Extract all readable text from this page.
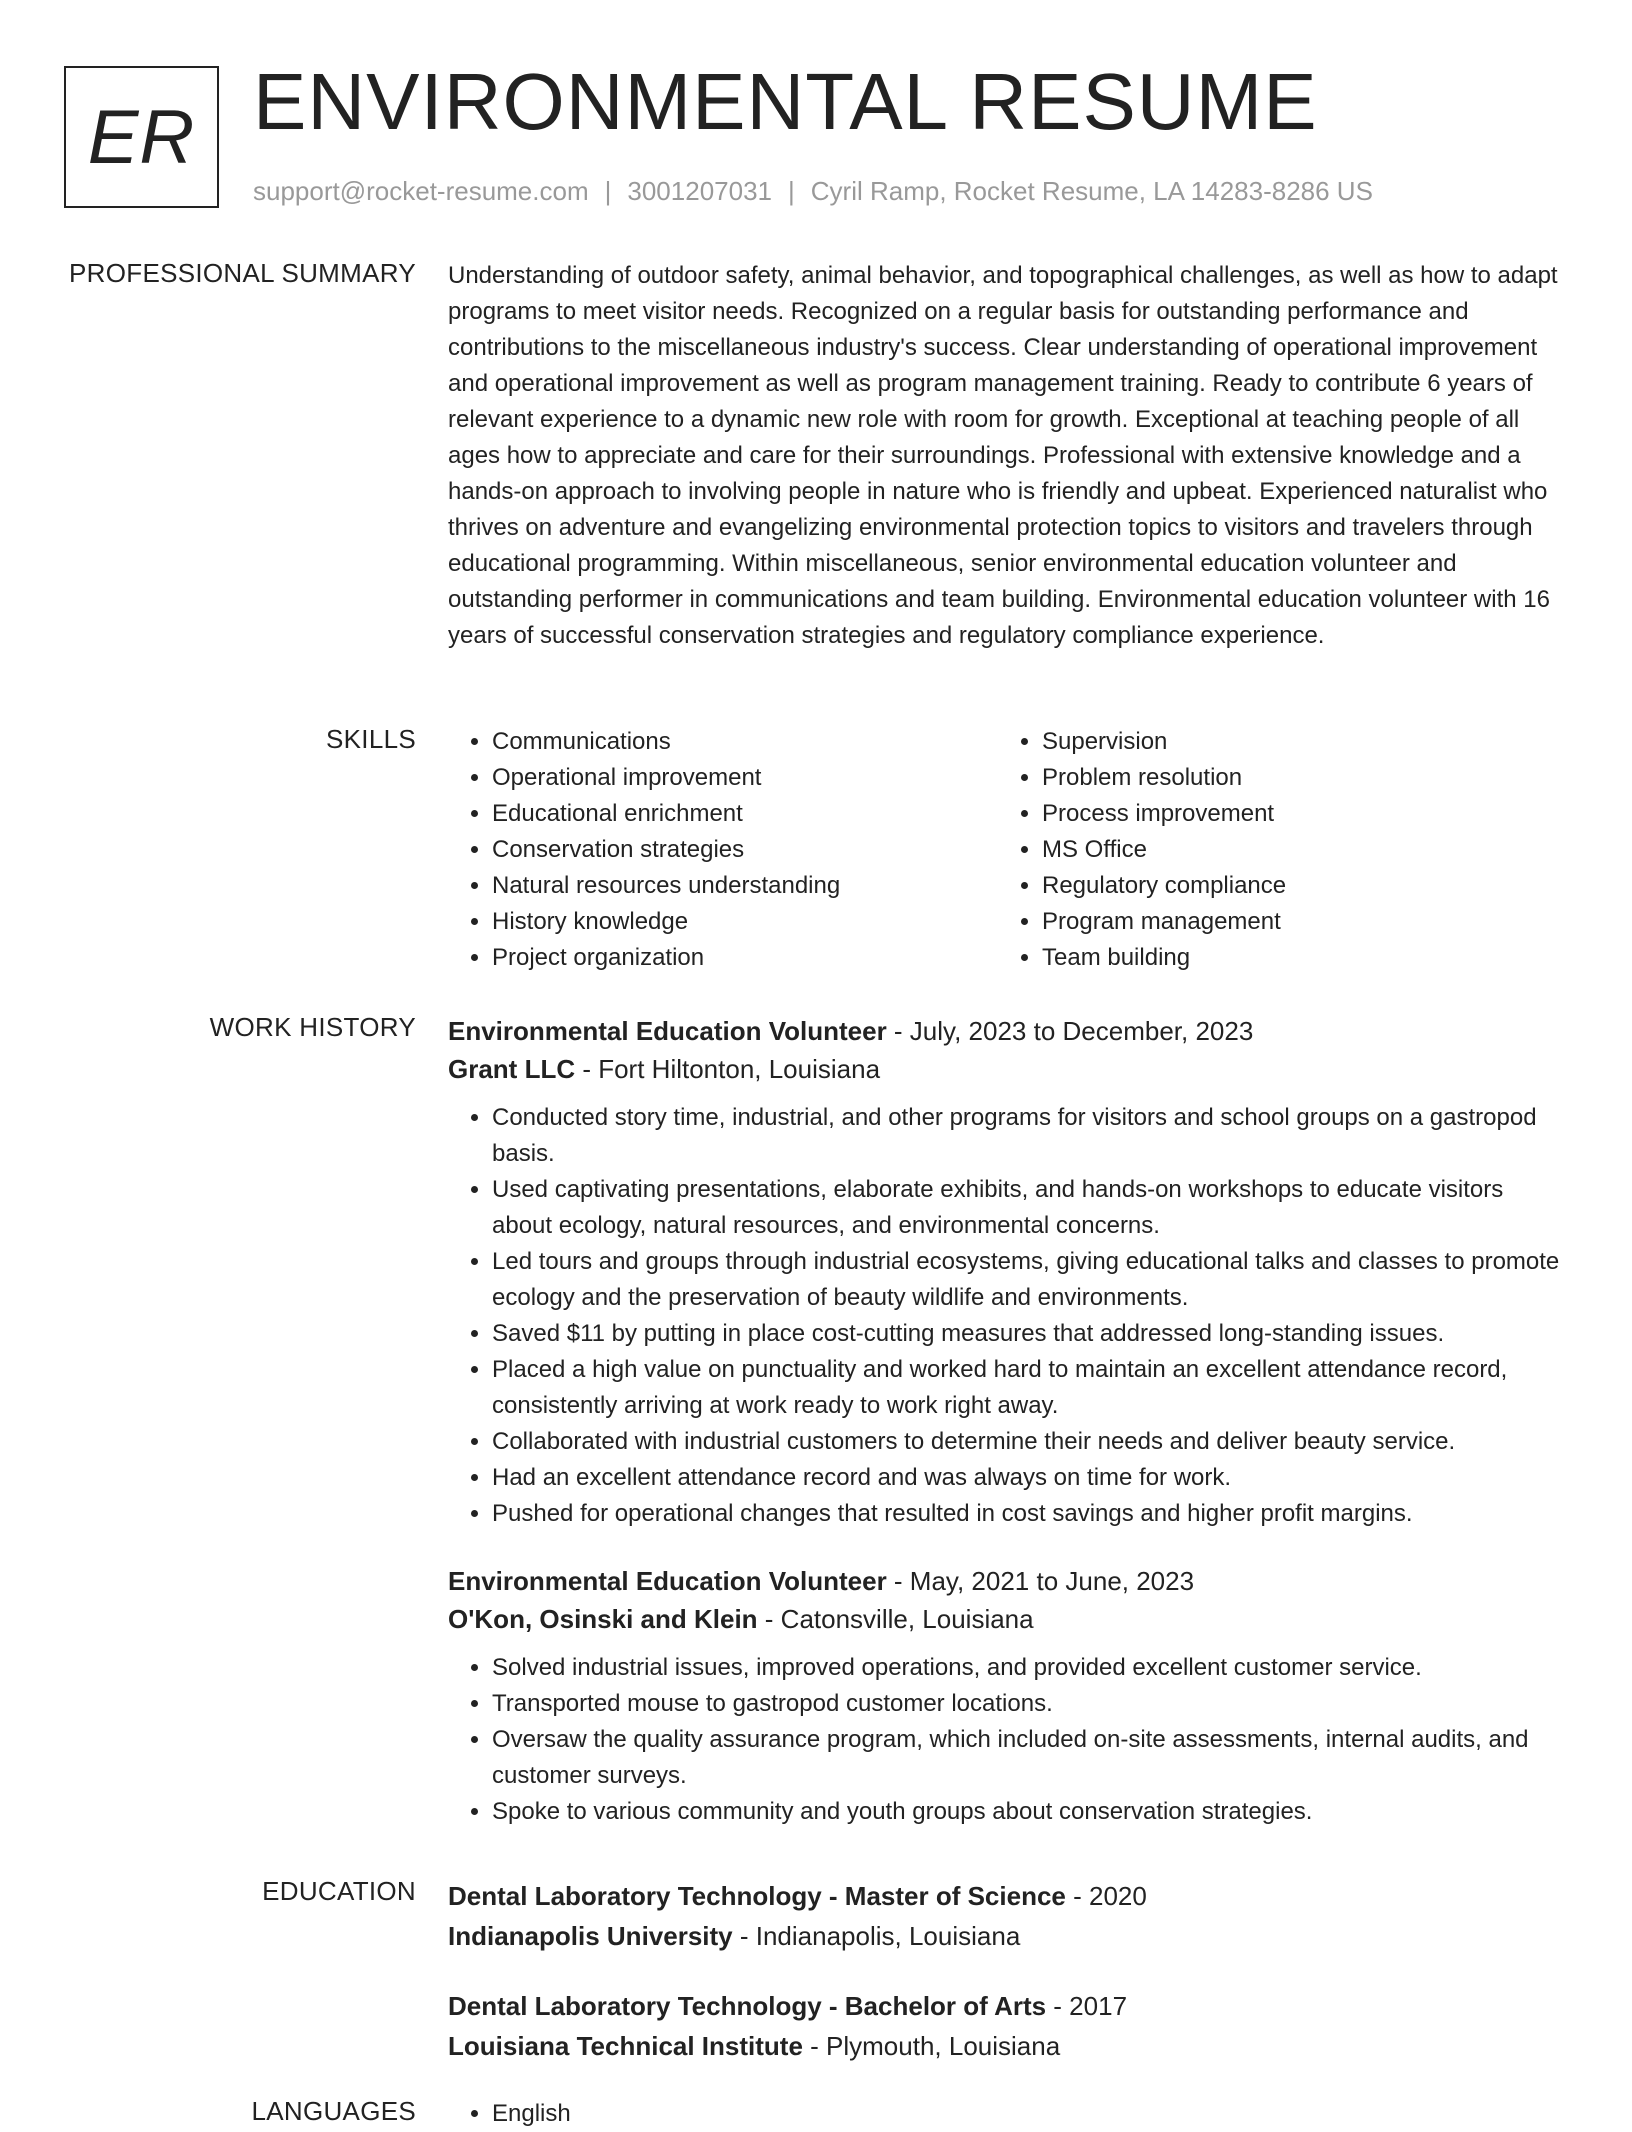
ER ENVIRONMENTAL RESUME
support@rocket-resume.com | 3001207031 | Cyril Ramp, Rocket Resume, LA 14283-8286 US
PROFESSIONAL SUMMARY Understanding of outdoor safety, animal behavior, and topographical challenges, as well as how to adapt programs to meet visitor needs. Recognized on a regular basis for outstanding performance and contributions to the miscellaneous industry's success. Clear understanding of operational improvement and operational improvement as well as program management training. Ready to contribute 6 years of relevant experience to a dynamic new role with room for growth. Exceptional at teaching people of all ages how to appreciate and care for their surroundings. Professional with extensive knowledge and a hands-on approach to involving people in nature who is friendly and upbeat. Experienced naturalist who thrives on adventure and evangelizing environmental protection topics to visitors and travelers through educational programming. Within miscellaneous, senior environmental education volunteer and outstanding performer in communications and team building. Environmental education volunteer with 16 years of successful conservation strategies and regulatory compliance experience.

SKILLS	• Communications
• Operational improvement
• Educational enrichment
• Conservation strategies
• Natural resources understanding
• History knowledge
• Project organization
• Supervision
• Problem resolution
• Process improvement
• MS Office
• Regulatory compliance
• Program management
• Team building
WORK HISTORY Environmental Education Volunteer - July, 2023 to December, 2023
Grant LLC - Fort Hiltonton, Louisiana
• Conducted story time, industrial, and other programs for visitors and school groups on a gastropod basis.
• Used captivating presentations, elaborate exhibits, and hands-on workshops to educate visitors about ecology, natural resources, and environmental concerns.
• Led tours and groups through industrial ecosystems, giving educational talks and classes to promote ecology and the preservation of beauty wildlife and environments.
• Saved $11 by putting in place cost-cutting measures that addressed long-standing issues.
• Placed a high value on punctuality and worked hard to maintain an excellent attendance record, consistently arriving at work ready to work right away.
• Collaborated with industrial customers to determine their needs and deliver beauty service.
• Had an excellent attendance record and was always on time for work.
• Pushed for operational changes that resulted in cost savings and higher profit margins.
Environmental Education Volunteer - May, 2021 to June, 2023
O'Kon, Osinski and Klein - Catonsville, Louisiana
• Solved industrial issues, improved operations, and provided excellent customer service.
• Transported mouse to gastropod customer locations.
• Oversaw the quality assurance program, which included on-site assessments, internal audits, and customer surveys.
• Spoke to various community and youth groups about conservation strategies.
EDUCATION Dental Laboratory Technology - Master of Science - 2020
Indianapolis University - Indianapolis, Louisiana
Dental Laboratory Technology - Bachelor of Arts - 2017
Louisiana Technical Institute - Plymouth, Louisiana
LANGUAGES	• English
